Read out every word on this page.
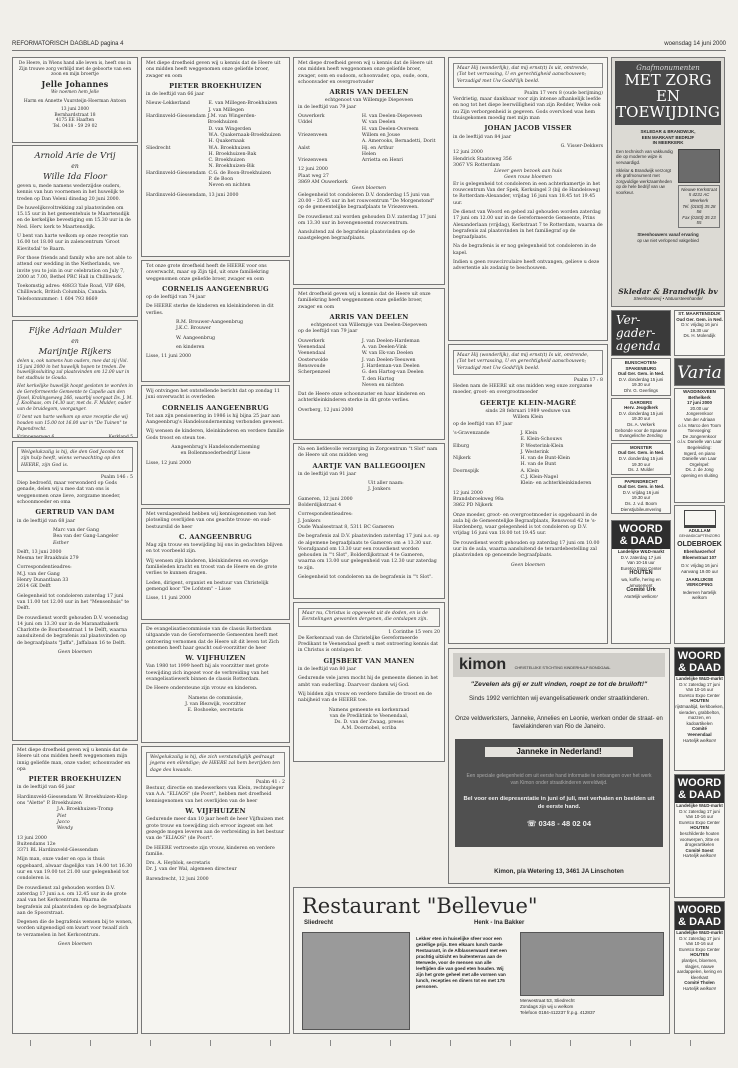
REFORMATORISCH DAGBLAD pagina 4	woensdag 14 juni 2000

De Heere, in Wiens hand alle leven is, heeft ons in Zijn trouwe zorg verblijd met de geboorte van een zoon en mijn broertje

Jelle Johannes

We noemen hem Jelle

Harm en Annette Vuursteijn-Hoerman Antoon

13 juni 2000
Bernhardstraat 18
4175 EE Haaften
Tel. 0418 - 59 29 02
Arnold Arie de Vrij
en
Wille Ida Floor

geven u, mede namens wederzijdse ouders, kennis van hun voornemen in het huwelijk te treden op Dan Veleni dinsdag 20 juni 2000.

De huwelijksvoltrekking zal plaatsvinden om 15.15 uur in het gemeentehuis te Maartensdijk en de kerkelijke bevestiging om 15.30 uur in de Ned. Herv. kerk te Maartensdijk.

U bent van harte welkom op onze receptie van 16.00 tot 18.00 uur in zalencentrum 'Groot Kievitsdal' te Baarn.

For those friends and family who are not able to attend our wedding in the Netherlands, we invite you to join in our celebration on July 7, 2000 at 7.00, Bethel PRC Hall in Chilliwack.

Toekomstig adres: 48833 Yale Road, VIP 6B4, Chilliwack, British Columbia, Canada. Telefoonnummer: 1 604 793 8669

Fijke Adriaan Mulder
en
Marijntje Rijkers

delen u, ook namens hun ouders, mee dat zij (Vol. 15 juni 2000 in het huwelijk hopen te treden. De huwelijkssluiting zal plaatsvinden om 12.00 uur in het stadhuis te Gouda.

Het kerkelijke huwelijk hoopt gesloten te worden in de Gereformeerde Gemeente te Capelle aan den IJssel, Kralingseweg 266, waarbij voorgaat Ds. J. M. J. Koolhaas, om 14.30 uur, met ds. F. Mulder, ouder van de bruidegom, voorganger.

U bent van harte welkom op onze receptie die wij houden van 15.00 tot 16.00 uur in "De Tuinen" te Papendrecht.

Krimpenerweg 6	Kerkland 5

Welgelukzalig is hij, die den God Jacobs tot zijn hulp heeft, wiens verwachting op den HEERE, zijn God is.
Psalm 146 : 5

Diep bedroefd, maar verwonderd op Gods genade, delen wij u mee dat van ons is weggenomen onze lieve, zorgzame moeder, schoonmoeder en oma

GERTRUD VAN DAM

in de leeftijd van 68 jaar

Marc van der Gang
Bea van der Gang-Langeler
Esther
Delft, 13 juni 2000

Mesma ter Braakhuis 279

Correspondentieadres:
M.J. van der Gang
Henry Dunantlaan 33

2614 GK Delft

Gelegenheid tot condoleren zaterdag 17 juni van 11.00 tot 12.00 uur in het "Mensenhuis" te Delft.

De rouwdienst wordt gehouden D.V. woensdag 14 juni om 13.30 uur in de Maranathakerk Charlotte de Bourbonstraat 1 te Delft, waarna aansluitend de begrafenis zal plaatsvinden op de begraafplaats "Jaffa", Jaffalaan 16 te Delft.

Geen bloemen

Met diepe droefheid geven wij u kennis dat de Heere uit ons midden heeft weggenomen mijn innig geliefde man, onze vader, schoonvader en opa

PIETER BROEKHUIZEN

in de leeftijd van 66 jaar

Hardinxveld-Giessendam W. Broekhuizen-Klop
ons "Alette" P. Broekhuizen
J.A. Broekhuizen-Tromp
Piet
Jacco
Wendy
13 juni 2000
Buitendams 12e

3371 BL Hardinxveld-Giessendam

Mijn man, onze vader en opa is thuis opgebaard, alwaar dagelijks van 14.00 tot 16.30 uur en van 19.00 tot 21.00 uur gelegenheid tot condoleren is.

De rouwdienst zal gehouden worden D.V. zaterdag 17 juni a.s. om 12.45 uur in de grote zaal van het Kerkcentrum. Waarna de begrafenis zal plaatsvinden op de begraafplaats aan de Spoorstraat.

Degenen die de begrafenis wensen bij te wonen, worden uitgenodigd om kwart voor twaalf zich te verzamelen in het Kerkcentrum.

Geen bloemen

Met diepe droefheid geven wij u kennis dat de Heere uit ons midden heeft weggenomen onze geliefde broer, zwager en oom

PIETER BROEKHUIZEN

in de leeftijd van 66 jaar

Nieuw-Lekkerland	E. van Millegen-Broekhuizen
J. van Millegen
Hardinxveld-Giessendam J.M. van Wingerden-Broekhuizen
D. van Wingerden
W.A. Quakernaak-Broekhuizen
H. Quakernaak
Sliedrecht	W.A. Broekhuizen
H. Broekhuizen-Bak
C. Broekhuizen
N. Broekhuizen-Bik
Hardinxveld-Giessendam C.G. de Boon-Broekhuizen
P. de Boon
Neven en nichten

Hardinxveld-Giessendam, 13 juni 2000

Tot onze grote droefheid heeft de HEERE voor ons onverwacht, maar op Zijn tijd, uit onze familiekring weggenomen onze geliefde broer, zwager en oom

CORNELIS AANGEENBRUG

op de leeftijd van 74 jaar

De HEERE sterke de kinderen en kleinkinderen in dit verlies.

R.M. Brouwer-Aangeenbrug
J.K.C. Brouwer
W. Aangeenbrug
en kinderen
Lisse, 11 juni 2000

Wij ontvingen het ontstellende bericht dat op zondag 11 juni onverwacht is overleden

CORNELIS AANGEENBRUG

Tot aan zijn pensionering in 1986 is hij bijna 25 jaar aan Aangeenbrug's Handelsonderneming verbonden geweest.

Wij wensen de kinderen, kleinkinderen en verdere familie Gods troost en steun toe.

Aangeenbrug's Handelsonderneming
en Bollenmoederbedrijf Lisse
Lisse, 12 juni 2000

Met verslagenheid hebben wij kennisgenomen van het plotseling overlijden van ons geachte trouw- en oud-bestuurslid de heer

C. AANGEENBRUG

Mag zijn trouw en toewijding bij ons in gedachten blijven en tot voorbeeld zijn.

Wij wensen zijn kinderen, kleinkinderen en overige familieleden kracht en troost van de Heere en de grote verlies te kunnen dragen.

Leden, dirigent, organist en bestuur van Christelijk gemengd koor "De Lofstem" – Lisse

Lisse, 11 juni 2000

De evangelisatiecommissie van de classis Rotterdam uitgaande van de Gereformeerde Gemeenten heeft met ontroering vernomen dat de Heere uit dit leven tot Zich genomen heeft haar geacht oud-voorzitter de heer

W. VIJFHUIZEN

Van 1980 tot 1999 heeft hij als voorzitter met grote toewijding zich ingezet voor de verbreiding van het evangelisatiewerk binnen de classis Rotterdam.

De Heere ondersteune zijn vrouw en kinderen.

Namens de commissie,
J. van Blezwijk, voorzitter
E. Boshoeke, secretaris
Welgelukzalig is hij, die zich verstandiglijk gedraagt jegens een ellendige; de HEERE zal hem bevrijden ten dage des kwaads.
Psalm 41 : 2

Bestuur, directie en medewerkers van Klein, rechtspleger van A.A. "ELIAOS" (de Poort", hebben met droefheid kennisgenomen van het overlijden van de heer

W. VIJFHUIZEN

Gedurende meer dan 10 jaar heeft de heer Vijfhuizen met grote trouw en toewijding zich ervoor ingezet om het gezegde mogen leveren aan de verbreiding in het bestuur van de "ELIAOS" (de Poort".

De HEERE vertroeste zijn vrouw, kinderen en verdere familie.

Drs. A. Heyblok, secretaris
Dr. J. van der Wal, algemeen directeur
Barendrecht, 12 juni 2000

Met diepe droefheid geven wij u kennis dat de Heere uit ons midden heeft weggenomen onze geliefde broer, zwager, oom en oudoom, schoonvader, opa, oude, oom, schoonvader en overgrootvader

ARRIS VAN DEELEN
echtgenoot van Willempje Diepeveen

in de leeftijd van 79 jaar

Ouwerkerk	H. van Deelen-Diepeveen
Uddel	W. van Deelen
H. van Deelen-Overeem
Vriezenveen	Willem en Jouse
A. Amerooks, Bernadetti, Dorit
Aalst	Hj. en Arthur
Helen
Vriezenveen	Arrietta en Henri
12 juni 2000
Plaat weg 27
3869 AM Ouwerkerk
Geen bloemen

Gelegenheid tot condoleren D.V. donderdag 15 juni van 20.00 – 20.45 uur in het rouwcentrum "De Morgenstond" op de gemeentelijke begraafplaats te Vriezenveen.

De rouwdienst zal worden gehouden D.V. zaterdag 17 juni om 13.30 uur in bovengenoemd rouwcentrum.

Aansluitend zal de begrafenis plaatsvinden op de naastgelegen begraafplaats.

Met droefheid geven wij u kennis dat de Heere uit onze familiekring heeft weggenomen onze geliefde broer, zwager en oom

ARRIS VAN DEELEN
echtgenoot van Willempje van Deelen-Diepeveen

op de leeftijd van 79 jaar

Ouwerkerk	J. van Deelen-Hardeman
Veenendaal	A. van Deelen-Vink
Veenendaal	W. van Ek-van Deelen
Oosterwolde	J. van Deelen-Teeuwen
Renswoude	J. Hardeman-van Deelen
Scherpenzeel	G. den Hartog-van Deelen
T. den Hartog
Neven en nichten

Dat de Heere onze schoonzuster en haar kinderen en achterkleinkinderen sterke in dit grote verlies.

Overberg, 12 juni 2000

Na een liefdevolle verzorging in Zorgcentrum "t Slot" nam de Heere uit ons midden weg

AARTJE VAN BALLEGOOIJEN

in de leeftijd van 91 jaar

Uit aller naam:
J. Jonkers
Gameren, 12 juni 2000

Bolderdijkstraat 4

Correspondentieadres:
J. Jonkers

Oude Waalsestraat 8, 5311 BC Gameren

De begrafenis zal D.V. plaatsvinden zaterdag 17 juni a.s. op de algemene begraafplaats te Gameren om ± 13.30 uur. Voorafgaand om 13.30 uur een rouwdienst worden gehouden in "'t Slot", Bolderdijkstraat 4 te Gameren, waarna om 13.00 uur gelegenheid van 12.30 uur zaterdag te zijn.

Gelegenheid tot condoleren na de begrafenis in "'t Slot".

Maar nu, Christus is opgewekt uit de doden, en is de Eerstelingen geworden dergenen, die ontslapen zijn.
1 Corinthe 15 vers 20

De Kerkenraad van de Christelijke Gereformeerde Predikant te Veenendaal geeft u met ontroering kennis dat in Christus is ontslapen br.

GIJSBERT VAN MANEN

in de leeftijd van 80 jaar

Gedurende vele jaren mocht hij de gemeente dienen in het ambt van ouderling. Daarvoor danken wij God.

Wij bidden zijn vrouw en verdere familie de troost en de nabijheid van de HEERE toe.

Namens gemeente en kerkenraad
van de Prediktink te Veenendaal,
Ds. D. van der Zwaag, preses
A.M. Doornobel, scriba
Maar Hij (wonderlijk), dat mij ernst(t) Is uit, omtrende, (Tot het verrassing, U en gerechtigheid aanschouwen; Verzadigd met Uw Godd'lijk beeld.
Psalm 17 vers 8 (oude berijming)

Verdrietig, maar dankbaar voor zijn intense afhankelijk leefde en nog tot het diepe leerwilligheid van zijn Redder, Welke ook nu Zijn verborgenheid is gegeven. Gods overvloed was hem thuisgekomen moedig met mijn man

JOHAN JACOB VISSER

in de leeftijd van 84 jaar

G. Visser-Dekkers
12 juni 2000
Hendrick Staatsweg 356
3067 VS Rotterdam
Liever geen bezoek aan huis
Geen rouw bloemen

Er is gelegenheid tot condoleren in een achterkamertje in het rouwcentrum Van der Spek, Kerksingel 3 (bij de Handelsweg) te Rotterdam-Alexander, vrijdag 16 juni van 18.45 tot 19.45 uur.

De dienst van Woord en gebed zal gehouden worden zaterdag 17 juni om 12.00 uur in de Gereformeerde Gemeente, Prins Alexanderlaan (vrijdag), Kerkstraat 7 te Rotterdam, waarna de begrafenis zal plaatsvinden in het familiegraf op de begraafplaats.

Na de begrafenis is er nog gelegenheid tot condoleren in de kapel.

Indien u geen rouwcirculaire heeft ontvangen, gelieve u deze advertentie als zodanig te beschouwen.

Maar Hij (wonderlijk), dat mij ernst(t) Is uit, omtrende, (Tot het verrassing, U en gerechtigheid aanschouwen; Verzadigd met Uw Godd'lijk beeld.
Psalm 17 : 8

Heden nam de HEERE uit ons midden weg onze zorgzame moeder, groot- en overgrootmoeder

GEERTJE KLEIN-MAGRÉ
sinds 28 februari 1989 weduwe van
Willem Klein

op de leeftijd van 87 jaar

's-Gravenzande	J. Klein
E. Klein-Schouws
Elburg	P. Westerink-Klein
J. Westerink
Nijkerk	H. van de Bunt-Klein
H. van de Bunt
Doornspijk	A. Klein
C.J. Klein-Nagel
Klein- en achterkleinkinderen
12 juni 2000
Brandsbroekweg 98a

3862 PD Nijkerk

Onze moeder, groot- en overgrootmoeder is opgebaard in de aula bij de Gemeentelijke Begraafplaats, Renswoud 42 te 's-Hardenberg, waar gelegenheid is tot condoleren op D.V. vrijdag 16 juni van 18.00 tot 19.45 uur.

De rouwdienst wordt gehouden op zaterdag 17 juni om 10.00 uur in de aula, waarna aansluitend de teraardebestelling zal plaatsvinden op genoemde begraafplaats.

Geen bloemen
Gnafmonumenten
MET ZORG EN
TOEWIJDING
SKLEDAR & BRANDWIJK,
EEN MARKANT BEDRIJF
IN MEERKERK
Een technisch van vakkundig die op moderne wijze is vervaardigd.
Sklelar & Brandwijk verzorgt elk grafmonument met zorgvuldige werkzaamheden op de hele bedrijf van uw voorkeur.
Nieuwe Kerkstraat 5 4231 AC Meerkerk
Tel. (0183) 35 28 56
Fax (0183) 35 23 55
Steenhouwers vanaf ervaring
op uw niet verlopend vakgebied
Skledar & Brandwijk bv
Steenhouwerij • Natuursteenhandel
Ver-
gader-
agenda
BUNSCHOTEN-SPAKENBURG
Oud Ger. Gem. in Ned.
D.V. donderdag 15 juni
19.30 uur
Dhr. G. Geerlings
GAROERS
Herv. Jeugdkerk
D.V. donderdag 15 juni
19.30 uur
Ds. A. Verkerk
Gebonde voor de Spaanse Evangelische Zending
MONSTER
Oud Ger. Gem. in Ned.
D.V. donderdag 15 juni
19.30 uur
Ds. J. Mulder
PAPENDRECHT
Oud Ger. Gem. in Ned.
D.V. vrijdag 16 juni
19.30 uur
Ds. J. v.d. Boom
Dienstjubileumvering
WOORD
& DAAD
Landelijke W&D-markt
D.V. zaterdag 17 juni
Van 10-16 uur
Euretco Expo Center
HOUTEN
wa, koffie, hering en
amusement
Comité Urk
Hartelijk welkom!
ST. MAARTENSDIJK
Oud Ger. Gem. in Ned.
D.V. vrijdag 16 juni
19.30 uur
Ds. H. Molendijk
Varia
WADDINXVEEN
Bethelkerk
17 juni 2000
20.00 uur
Jongerenkoor
Van der Adriaan
o.l.v. Marco den Toom
Toevoeging:
De Jongerenkoor
o.l.v. Danielle van Laar
Begeleiding:
Ingerd, en piano
Danielle van Laar
Orgelspel:
Ds. J. de Jong
opening en sluiting
ADULLAM
GEHANDICAPTENZORG
OLDEBROEK
Ebenhaezerhof
Bloemstraat 107
D.V. vrijdag 16 juni
Aanvang 19.00 uur
JAARLIJKSE
VERKOPING
Iedereen hartelijk
welkom
WOORD
& DAAD
Landelijke W&D-markt
D.V. zaterdag 17 juni
Van 10-16 uur
Euretco Expo Center
HOUTEN
rijstmaaltijd, kerkboeken, sieraden, grabbelton, mazzen, en kadoartikelen
Comité
Veenendaal
Hartelijk welkom!
WOORD
& DAAD
Landelijke W&D-markt
D.V. zaterdag 17 juni
Van 10-16 uur
Euretco Expo Center
HOUTEN
beschilderde houten voorwerpen, zitte en drogerartikelen
Comité Soest
Hartelijk welkom!
WOORD
& DAAD
Landelijke W&D-markt
D.V. zaterdag 17 juni
Van 10-16 uur
Euretco Expo Center
HOUTEN
plantjes, bloemen, slagjes, nauwe aardappelen, kering en kleerkast
Comité Tholen
Hartelijk welkom!
kimon CHRISTELIJKE STICHTING KINDERHULP BONDGAAL
"Zevelen als gij er zult vinden, roept ze tot de bruiloft!"
Sinds 1992 verrichten wij evangelisatiewerk onder straatkinderen.
Onze veldwerksters, Janneke, Annelies en Leonie, werken onder de straat- en favelakinderen van Rio de Janeiro.
Janneke in Nederland!
Een speciale gelegenheid om uit eerste hand informatie te ontvangen over het werk van Kimon onder straatkinderen wereldwijd.
Bel voor een diepresentatie in juni of juli, met verhalen en beelden uit de eerste hand.
☏ 0348 - 48 02 04
Kimon, p/a Wetering 13, 3461 JA Linschoten
Restaurant "Bellevue"
Sliedrecht	Henk - Ina Bakker
Lekker eten in huiselijke sfeer voor een gezellige prijs. Een elkaars lunch Garde Restaurant, in de Alblasserwaard met een prachtig uitzicht en buitenterras aan de Merwede, voor de mensen van alle leeftijden die van goed eten houden. Wij zijn het grote geheel met alle vormen van lunch, recepties en diners tot en met 175 personen.
Merwestraat 53, Sliedrecht
Zondags zijn wij u welkom
Telefoon 0184-412237 fr.p.g. 412837
